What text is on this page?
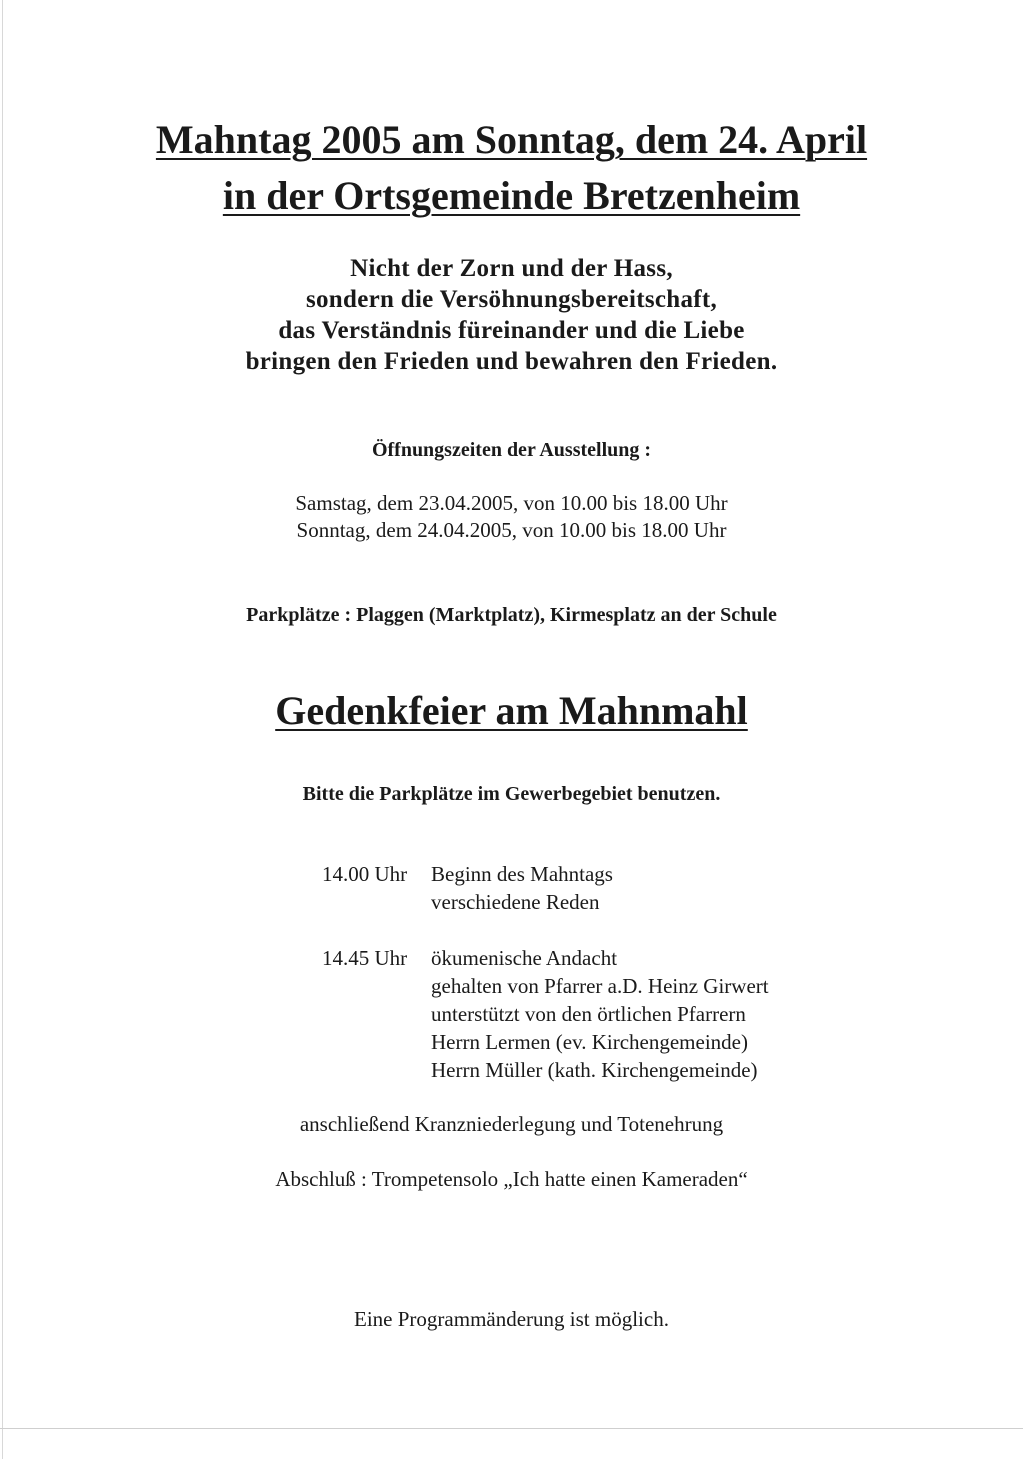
Mahntag 2005 am Sonntag, dem 24. April
in der Ortsgemeinde Bretzenheim
Nicht der Zorn und der Hass,
sondern die Versöhnungsbereitschaft,
das Verständnis füreinander und die Liebe
bringen den Frieden und bewahren den Frieden.
Öffnungszeiten der Ausstellung :
Samstag, dem 23.04.2005, von 10.00 bis 18.00 Uhr
Sonntag, dem 24.04.2005, von 10.00 bis 18.00 Uhr
Parkplätze : Plaggen (Marktplatz), Kirmesplatz an der Schule
Gedenkfeier am Mahnmahl
Bitte die Parkplätze im Gewerbegebiet benutzen.
14.00 Uhr Beginn des Mahntags
verschiedene Reden
14.45 Uhr ökumenische Andacht
gehalten von Pfarrer a.D. Heinz Girwert
unterstützt von den örtlichen Pfarrern
Herrn Lermen (ev. Kirchengemeinde)
Herrn Müller (kath. Kirchengemeinde)
anschließend Kranzniederlegung und Totenehrung
Abschluß : Trompetensolo „Ich hatte einen Kameraden“
Eine Programmänderung ist möglich.
